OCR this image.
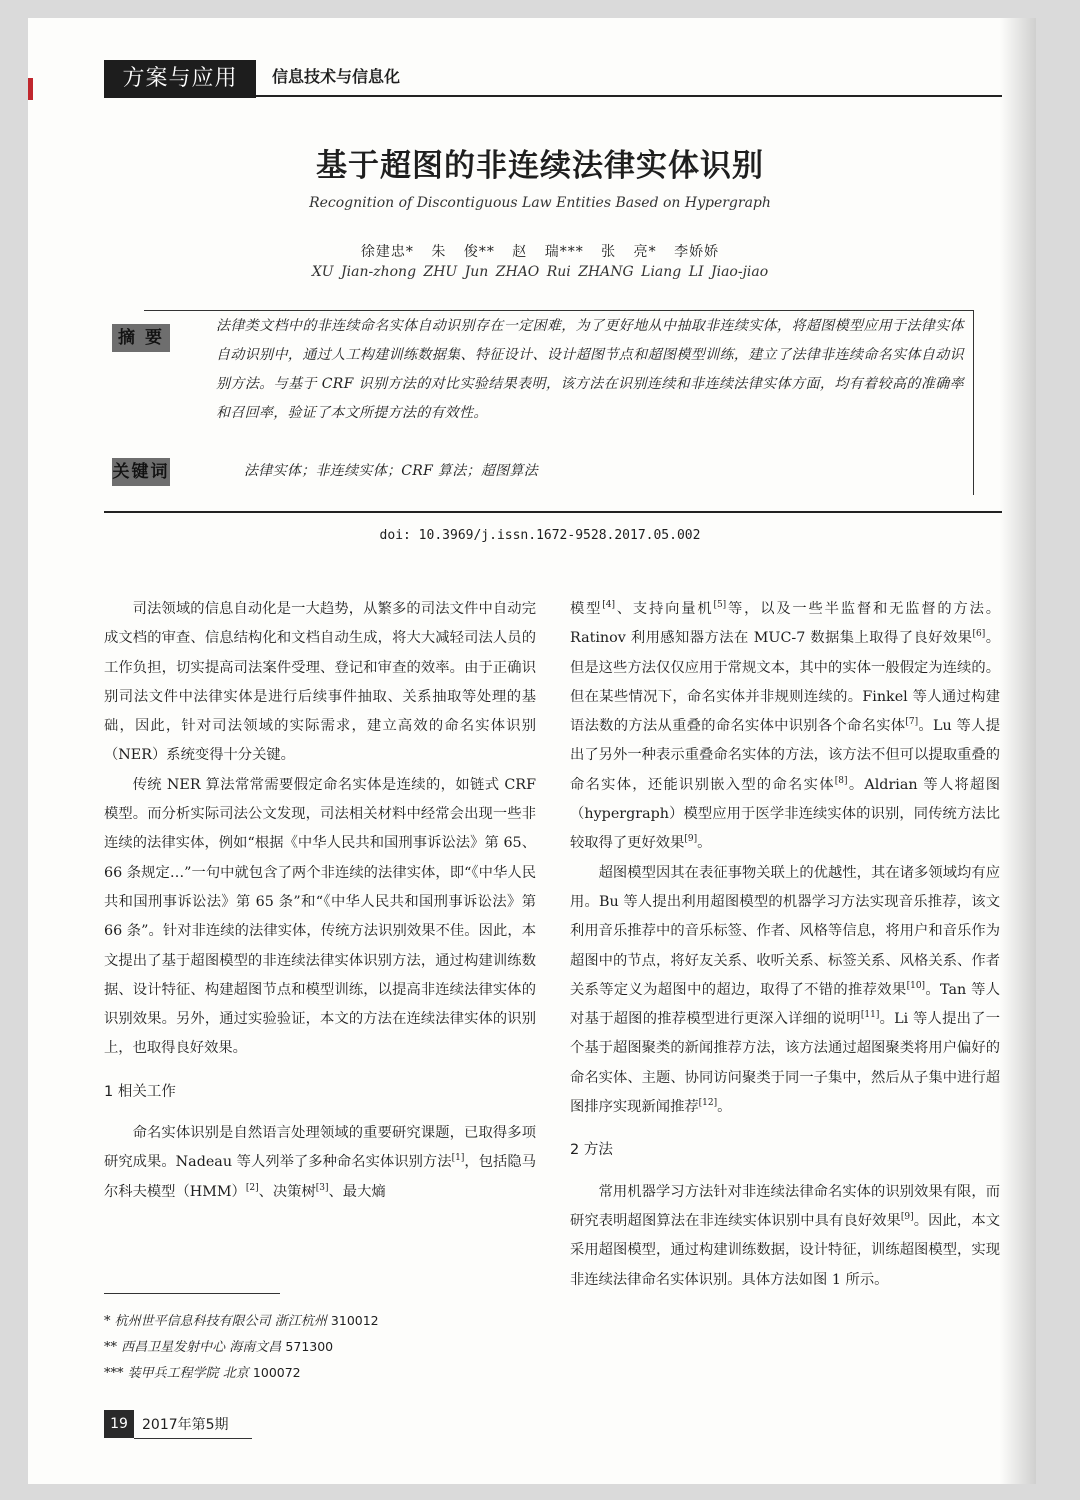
方案与应用	信息技术与信息化
基于超图的非连续法律实体识别
Recognition of Discontiguous Law Entities Based on Hypergraph
徐建忠* 朱 俊** 赵 瑞*** 张 亮* 李娇娇
XU Jian-zhong ZHU Jun ZHAO Rui ZHANG Liang LI Jiao-jiao
摘 要
法律类文档中的非连续命名实体自动识别存在一定困难，为了更好地从中抽取非连续实体，将超图模型应用于法律实体自动识别中，通过人工构建训练数据集、特征设计、设计超图节点和超图模型训练，建立了法律非连续命名实体自动识别方法。与基于 CRF 识别方法的对比实验结果表明，该方法在识别连续和非连续法律实体方面，均有着较高的准确率和召回率，验证了本文所提方法的有效性。
关键词	法律实体；非连续实体；CRF 算法；超图算法
doi: 10.3969/j.issn.1672-9528.2017.05.002

司法领域的信息自动化是一大趋势，从繁多的司法文件中自动完成文档的审查、信息结构化和文档自动生成，将大大减轻司法人员的工作负担，切实提高司法案件受理、登记和审查的效率。由于正确识别司法文件中法律实体是进行后续事件抽取、关系抽取等处理的基础，因此，针对司法领域的实际需求，建立高效的命名实体识别（NER）系统变得十分关键。

传统 NER 算法常常需要假定命名实体是连续的，如链式 CRF 模型。而分析实际司法公文发现，司法相关材料中经常会出现一些非连续的法律实体，例如“根据《中华人民共和国刑事诉讼法》第 65、66 条规定…”一句中就包含了两个非连续的法律实体，即“《中华人民共和国刑事诉讼法》第 65 条”和“《中华人民共和国刑事诉讼法》第 66 条”。针对非连续的法律实体，传统方法识别效果不佳。因此，本文提出了基于超图模型的非连续法律实体识别方法，通过构建训练数据、设计特征、构建超图节点和模型训练，以提高非连续法律实体的识别效果。另外，通过实验验证，本文的方法在连续法律实体的识别上，也取得良好效果。

1 相关工作

命名实体识别是自然语言处理领域的重要研究课题，已取得多项研究成果。Nadeau 等人列举了多种命名实体识别方法[1]，包括隐马尔科夫模型（HMM）[2]、决策树[3]、最大熵

模型[4]、支持向量机[5]等，以及一些半监督和无监督的方法。Ratinov 利用感知器方法在 MUC-7 数据集上取得了良好效果[6]。但是这些方法仅仅应用于常规文本，其中的实体一般假定为连续的。但在某些情况下，命名实体并非规则连续的。Finkel 等人通过构建语法数的方法从重叠的命名实体中识别各个命名实体[7]。Lu 等人提出了另外一种表示重叠命名实体的方法，该方法不但可以提取重叠的命名实体，还能识别嵌入型的命名实体[8]。Aldrian 等人将超图（hypergraph）模型应用于医学非连续实体的识别，同传统方法比较取得了更好效果[9]。

超图模型因其在表征事物关联上的优越性，其在诸多领域均有应用。Bu 等人提出利用超图模型的机器学习方法实现音乐推荐，该文利用音乐推荐中的音乐标签、作者、风格等信息，将用户和音乐作为超图中的节点，将好友关系、收听关系、标签关系、风格关系、作者关系等定义为超图中的超边，取得了不错的推荐效果[10]。Tan 等人对基于超图的推荐模型进行更深入详细的说明[11]。Li 等人提出了一个基于超图聚类的新闻推荐方法，该方法通过超图聚类将用户偏好的命名实体、主题、协同访问聚类于同一子集中，然后从子集中进行超图排序实现新闻推荐[12]。

2 方法

常用机器学习方法针对非连续法律命名实体的识别效果有限，而研究表明超图算法在非连续实体识别中具有良好效果[9]。因此，本文采用超图模型，通过构建训练数据，设计特征，训练超图模型，实现非连续法律命名实体识别。具体方法如图 1 所示。

* 杭州世平信息科技有限公司 浙江杭州 310012
** 西昌卫星发射中心 海南文昌 571300
*** 装甲兵工程学院 北京 100072
19	2017年第5期
